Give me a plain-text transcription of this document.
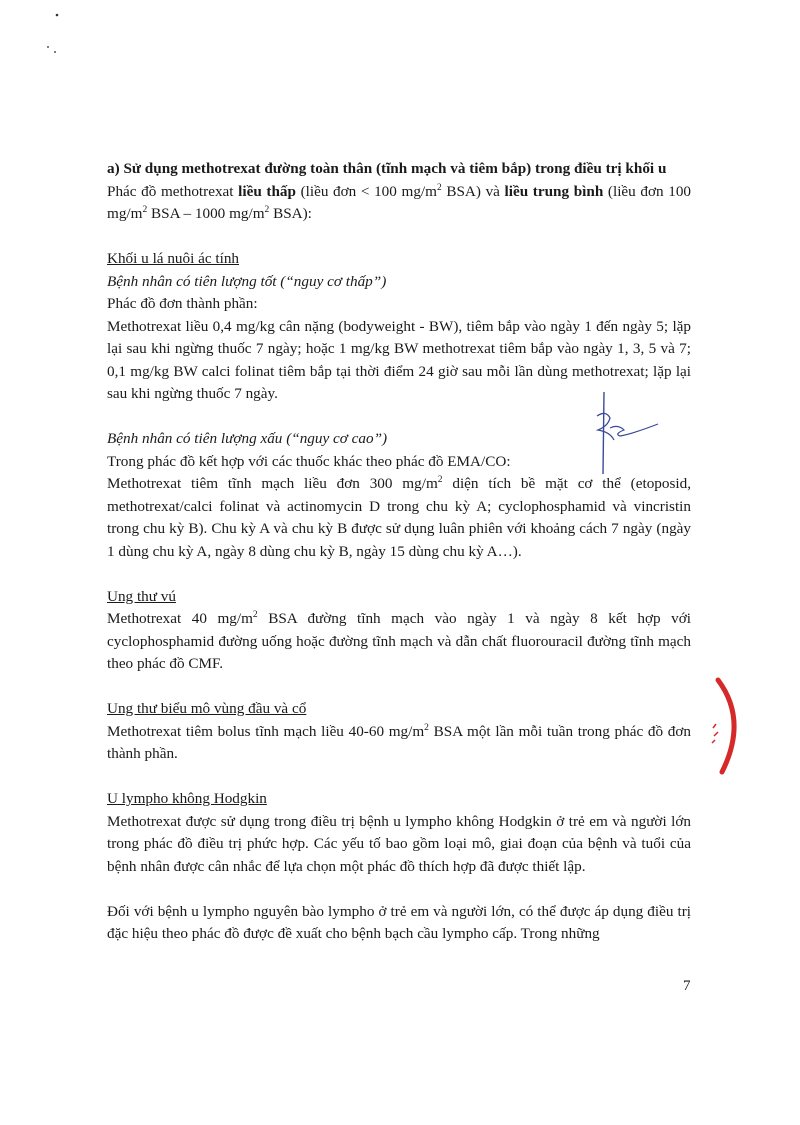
a) Sử dụng methotrexat đường toàn thân (tĩnh mạch và tiêm bắp) trong điều trị khối u

Phác đồ methotrexat liều thấp (liều đơn < 100 $mg/m^2$ BSA) và liều trung bình (liều đơn 100 $mg/m^2$ BSA – 1000 $mg/m^2$ BSA):

Khối u lá nuôi ác tính

Bệnh nhân có tiên lượng tốt (“nguy cơ thấp”)

Phác đồ đơn thành phần:

Methotrexat liều 0,4 mg/kg cân nặng (bodyweight - BW), tiêm bắp vào ngày 1 đến ngày 5; lặp lại sau khi ngừng thuốc 7 ngày; hoặc 1 mg/kg BW methotrexat tiêm bắp vào ngày 1, 3, 5 và 7; 0,1 mg/kg BW calci folinat tiêm bắp tại thời điểm 24 giờ sau mỗi lần dùng methotrexat; lặp lại sau khi ngừng thuốc 7 ngày.

Bệnh nhân có tiên lượng xấu (“nguy cơ cao”)

Trong phác đồ kết hợp với các thuốc khác theo phác đồ EMA/CO:

Methotrexat tiêm tĩnh mạch liều đơn 300 $mg/m^2$ diện tích bề mặt cơ thể (etoposid, methotrexat/calci folinat và actinomycin D trong chu kỳ A; cyclophosphamid và vincristin trong chu kỳ B). Chu kỳ A và chu kỳ B được sử dụng luân phiên với khoảng cách 7 ngày (ngày 1 dùng chu kỳ A, ngày 8 dùng chu kỳ B, ngày 15 dùng chu kỳ A…).

Ung thư vú

Methotrexat 40 $mg/m^2$ BSA đường tĩnh mạch vào ngày 1 và ngày 8 kết hợp với cyclophosphamid đường uống hoặc đường tĩnh mạch và dẫn chất fluorouracil đường tĩnh mạch theo phác đồ CMF.

Ung thư biểu mô vùng đầu và cổ

Methotrexat tiêm bolus tĩnh mạch liều 40-60 $mg/m^2$ BSA một lần mỗi tuần trong phác đồ đơn thành phần.

U lympho không Hodgkin

Methotrexat được sử dụng trong điều trị bệnh u lympho không Hodgkin ở trẻ em và người lớn trong phác đồ điều trị phức hợp. Các yếu tố bao gồm loại mô, giai đoạn của bệnh và tuổi của bệnh nhân được cân nhắc để lựa chọn một phác đồ thích hợp đã được thiết lập.

Đối với bệnh u lympho nguyên bào lympho ở trẻ em và người lớn, có thể được áp dụng điều trị đặc hiệu theo phác đồ được đề xuất cho bệnh bạch cầu lympho cấp. Trong những

7
